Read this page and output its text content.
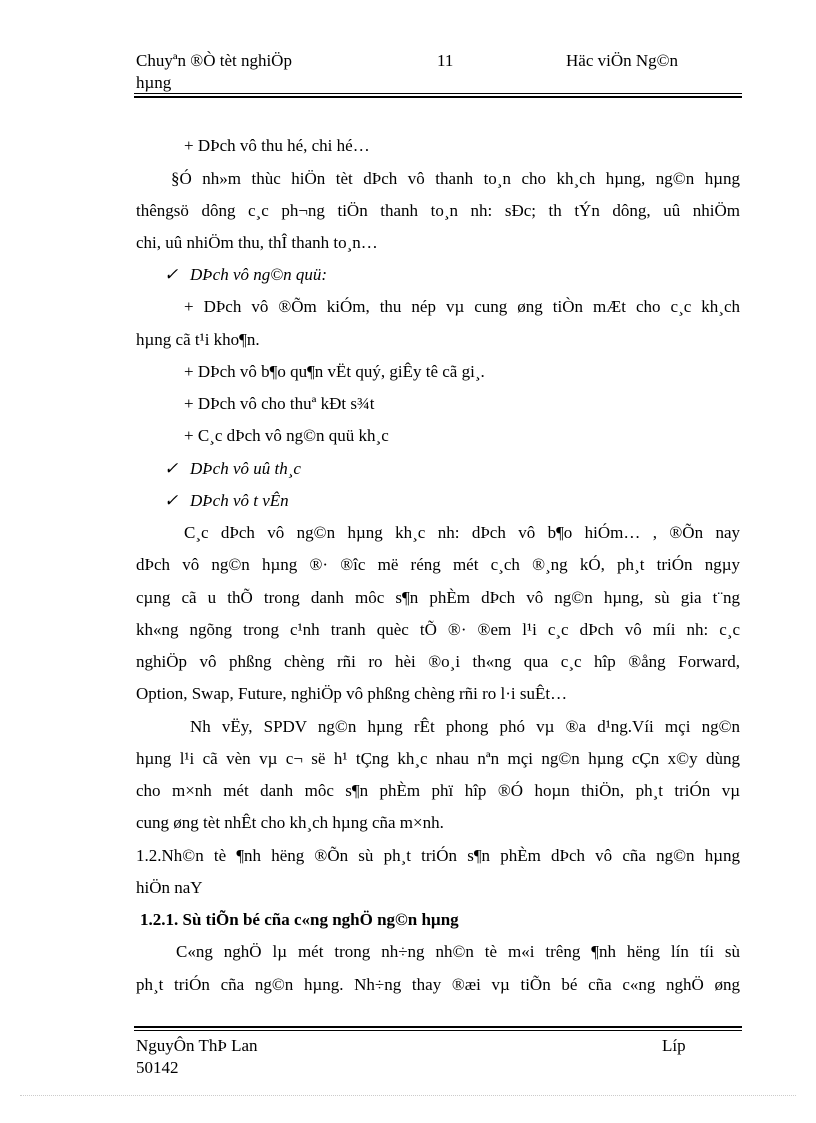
Chuyªn ®Ò tèt nghiÖp
hµng
11	Häc viÖn Ng©n
+ DÞch vô thu hé, chi hé…
§Ó nh»m thùc hiÖn tèt dÞch vô thanh to¸n cho kh¸ch hµng, ng©n hµng
thêngsö dông c¸c ph¬ng tiÖn thanh to¸n nh: sÐc; th tÝn dông, uû nhiÖm
chi, uû nhiÖm thu, thÎ thanh to¸n…
✓ DÞch vô ng©n quü:
+ DÞch vô ®Õm kiÓm, thu nép vµ cung øng tiÒn mÆt cho c¸c kh¸ch
hµng cã t¹i kho¶n.
+ DÞch vô b¶o qu¶n vËt quý, giÊy tê cã gi¸.
+ DÞch vô cho thuª kÐt s¾t
+ C¸c dÞch vô ng©n quü kh¸c
✓ DÞch vô uû th¸c
✓ DÞch vô t vÊn
C¸c dÞch vô ng©n hµng kh¸c nh: dÞch vô b¶o hiÓm… , ®Õn nay
dÞch vô ng©n hµng ®· ®îc më réng mét c¸ch ®¸ng kÓ, ph¸t triÓn ngµy
cµng cã u thÕ trong danh môc s¶n phÈm dÞch vô ng©n hµng, sù gia t¨ng
kh«ng ngõng trong c¹nh tranh quèc tÕ ®· ®em l¹i c¸c dÞch vô míi nh: c¸c
nghiÖp vô phßng chèng rñi ro hèi ®o¸i th«ng qua c¸c hîp ®ång Forward,
Option, Swap, Future, nghiÖp vô phßng chèng rñi ro l·i suÊt…
Nh vËy, SPDV ng©n hµng rÊt phong phó vµ ®a d¹ng.Víi mçi ng©n
hµng l¹i cã vèn vµ c¬ së h¹ tÇng kh¸c nhau nªn mçi ng©n hµng cÇn x©y dùng
cho m×nh mét danh môc s¶n phÈm phï hîp ®Ó hoµn thiÖn, ph¸t triÓn vµ
cung øng tèt nhÊt cho kh¸ch hµng cña m×nh.
1.2.Nh©n tè ¶nh hëng ®Õn sù ph¸t triÓn s¶n phÈm dÞch vô cña ng©n hµng
hiÖn naY
1.2.1. Sù tiÕn bé cña c«ng nghÖ ng©n hµng
C«ng nghÖ lµ mét trong nh÷ng nh©n tè m«i trêng ¶nh hëng lín tíi sù
ph¸t triÓn cña ng©n hµng. Nh÷ng thay ®æi vµ tiÕn bé cña c«ng nghÖ øng
NguyÔn ThÞ Lan
50142
Líp
